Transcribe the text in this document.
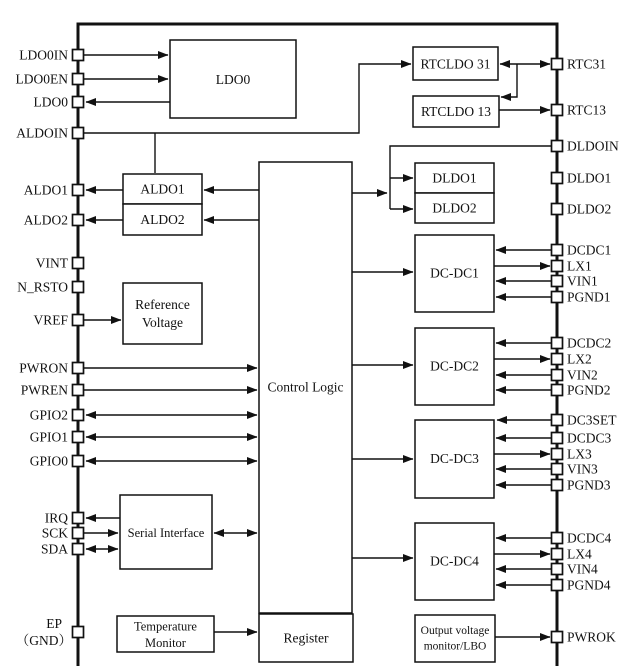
LDO0
RTCLDO 31
RTCLDO 13
ALDO1
ALDO2
DLDO1
DLDO2
Reference
Voltage
Control Logic
Serial Interface
DC-DC1
DC-DC2
DC-DC3
DC-DC4
Temperature
Monitor	Register	Output voltage
monitor/LBO
LDO0IN
LDO0EN
LDO0
ALDOIN
ALDO1
ALDO2
VINT
N_RSTO
VREF
PWRON
PWREN
GPIO2
GPIO1
GPIO0
IRQ
SCK
SDA
EP
（GND）
RTC31
RTC13
DLDOIN
DLDO1
DLDO2
DCDC1
LX1
VIN1
PGND1
DCDC2
LX2
VIN2
PGND2
DC3SET
DCDC3
LX3
VIN3
PGND3
DCDC4
LX4
VIN4
PGND4
PWROK
